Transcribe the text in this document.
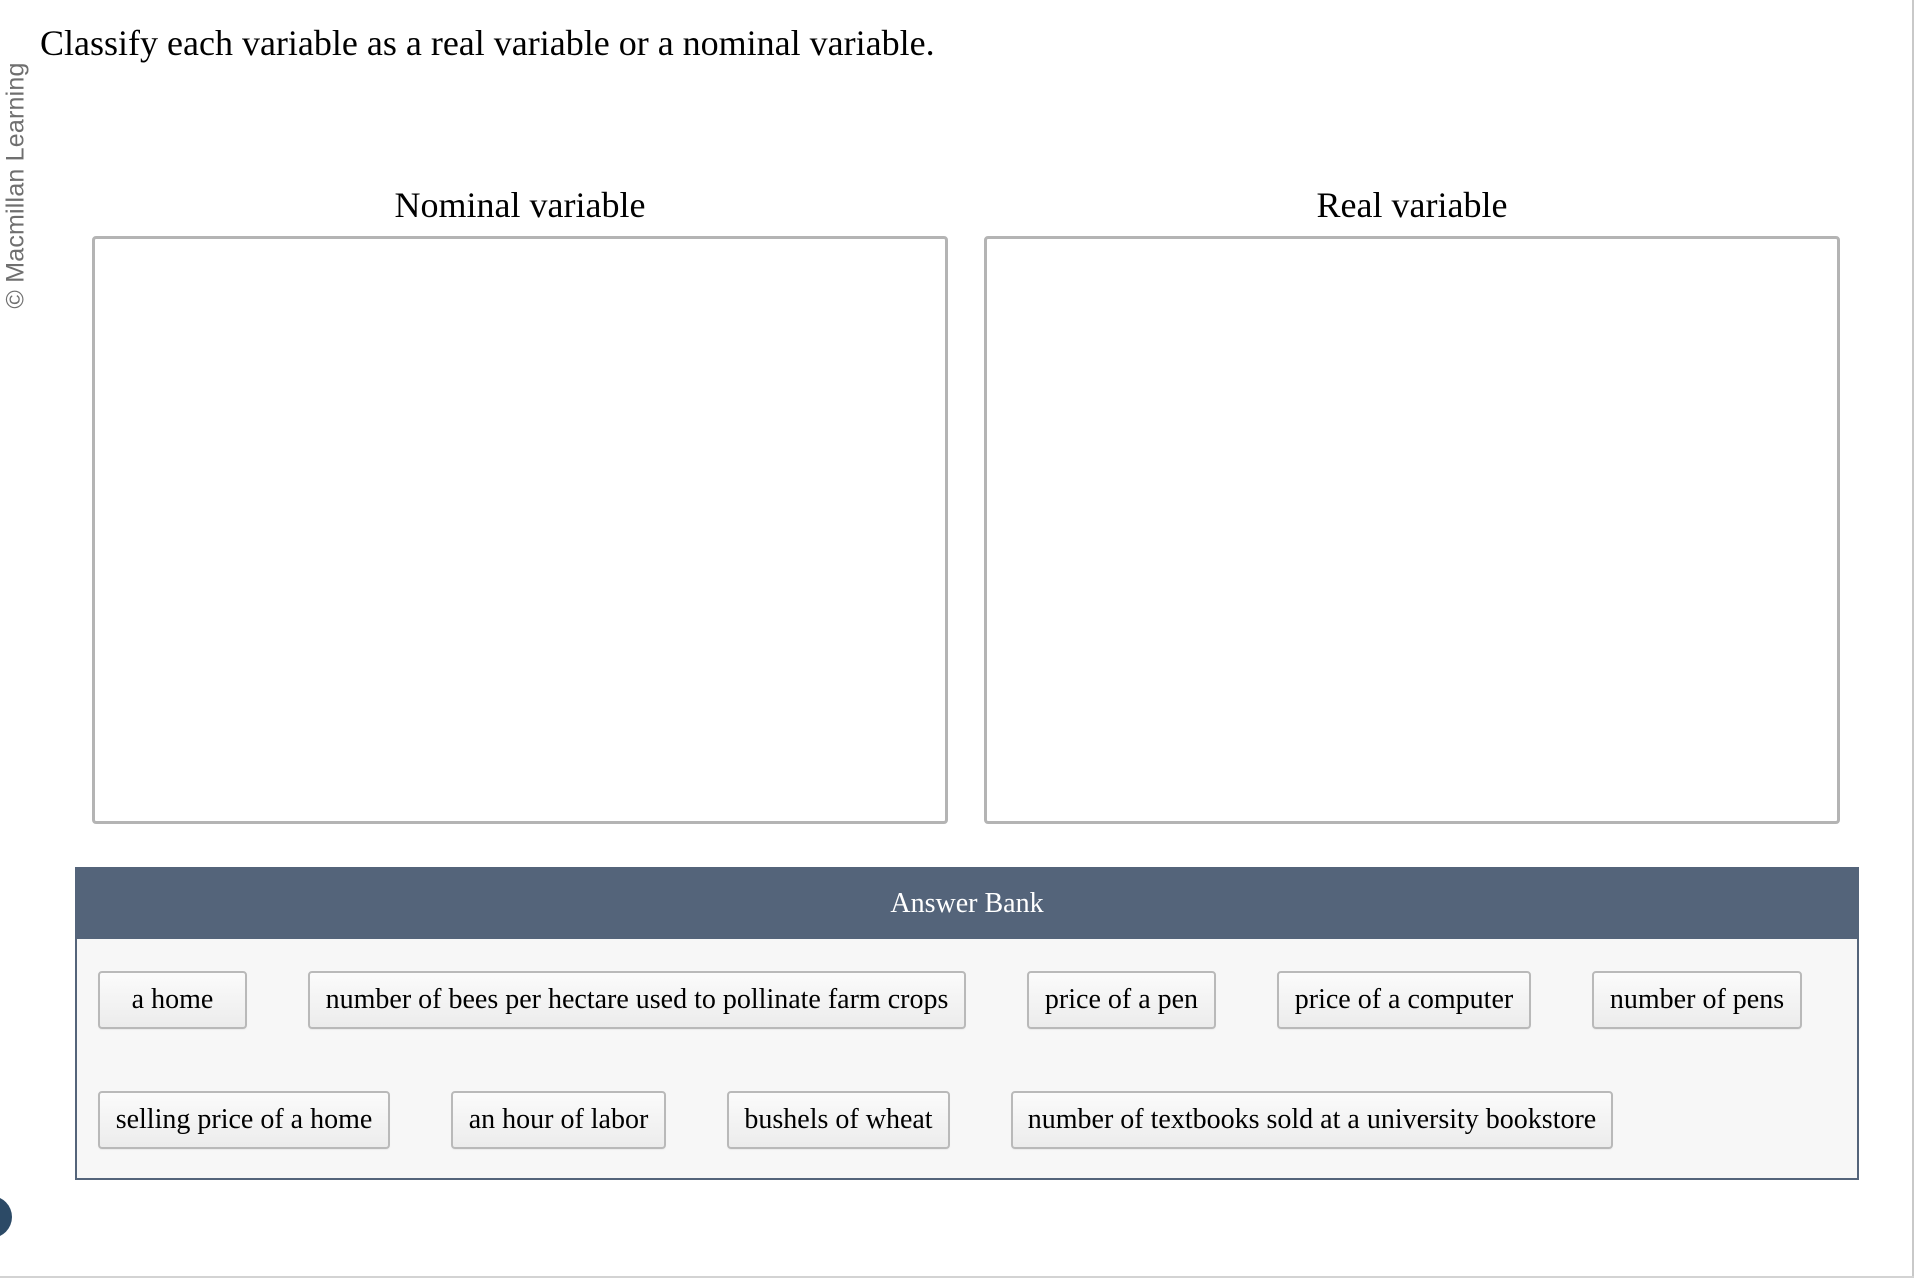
© Macmillan Learning
Classify each variable as a real variable or a nominal variable.
Nominal variable	Real variable
Answer Bank
a home	number of bees per hectare used to pollinate farm crops	price of a pen	price of a computer	number of pens
selling price of a home	an hour of labor	bushels of wheat	number of textbooks sold at a university bookstore
